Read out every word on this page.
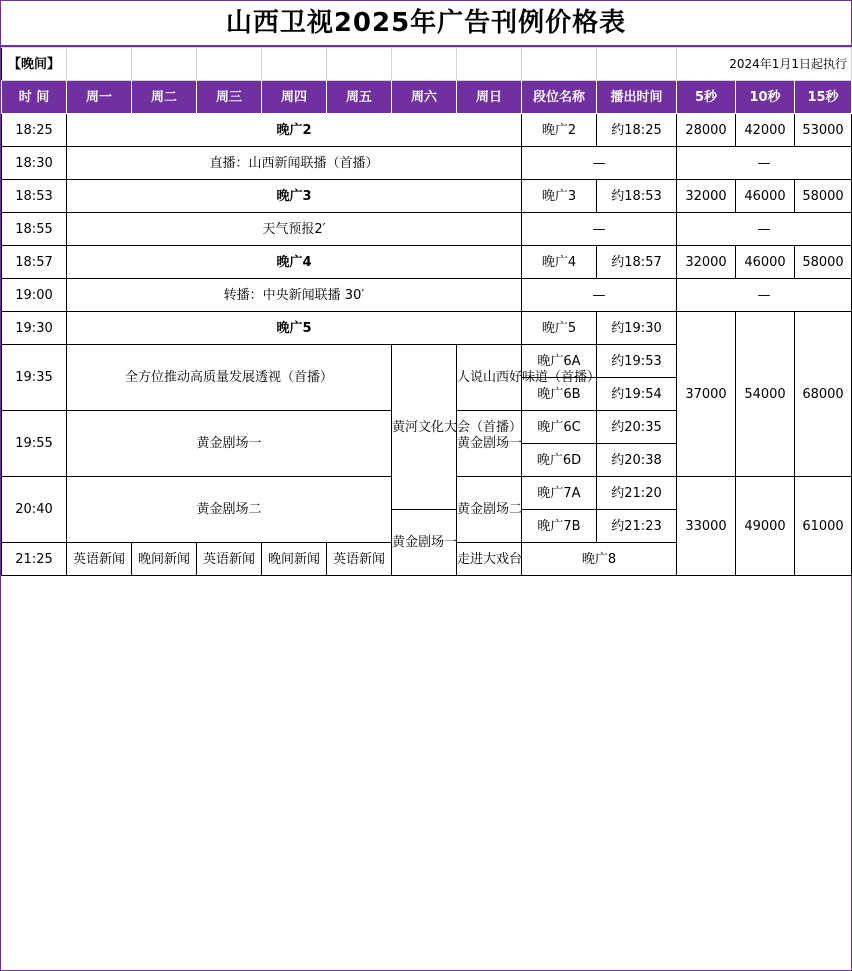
山西卫视2025年广告刊例价格表
【晚间】										2024年1月1日起执行		
时 间	周一	周二	周三	周四	周五	周六	周日	段位名称	播出时间	5秒	10秒	15秒
18:25	晚广2							晚广2	约18:25	28000	42000	53000
18:30	直播：山西新闻联播（首播）							—		—		
18:53	晚广3							晚广3	约18:53	32000	46000	58000
18:55	天气预报2′							—		—		
18:57	晚广4							晚广4	约18:57	32000	46000	58000
19:00	转播：中央新闻联播 30′							—		—		
19:30	晚广5							晚广5	约19:30	37000	54000	68000
19:35	全方位推动高质量发展透视（首播）					黄河文化大会（首播）	人说山西好味道（首播）	晚广6A	约19:53			
								晚广6B	约19:54			
19:55	黄金剧场一						黄金剧场一	晚广6C	约20:35			
								晚广6D	约20:38			
20:40	黄金剧场二						黄金剧场二	晚广7A	约21:20	33000	49000	61000
						黄金剧场一		晚广7B	约21:23			
21:25	英语新闻	晚间新闻	英语新闻	晚间新闻	英语新闻		走进大戏台	晚广8				
